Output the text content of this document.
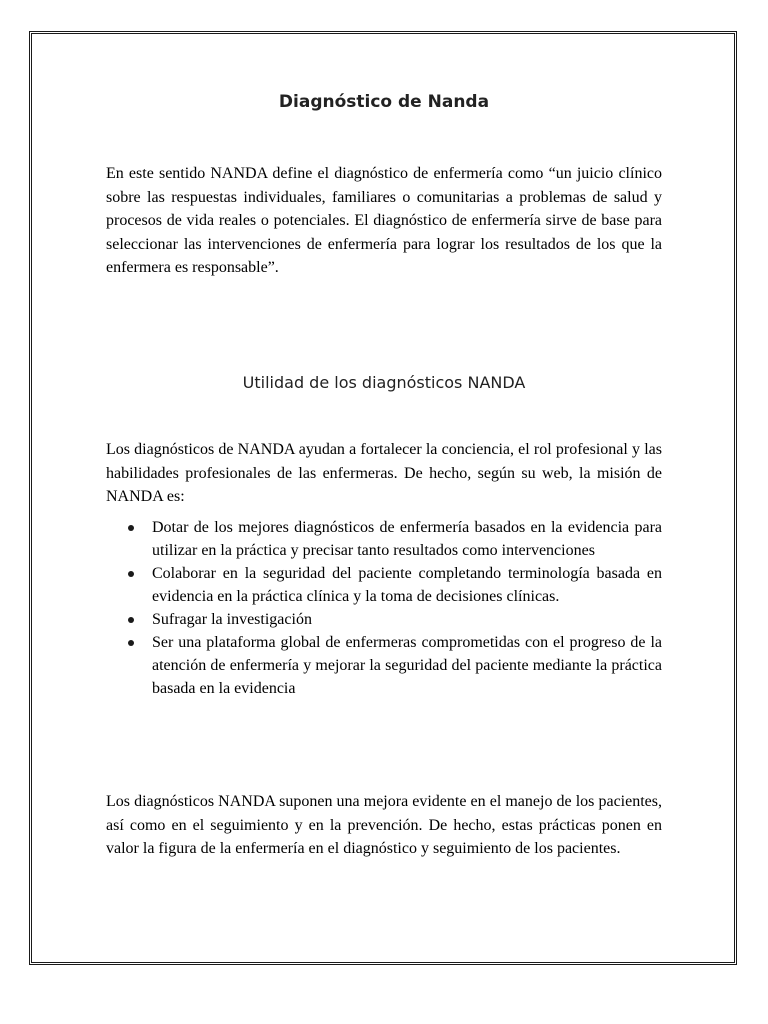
Diagnóstico de Nanda

En este sentido NANDA define el diagnóstico de enfermería como “un juicio clínico sobre las respuestas individuales, familiares o comunitarias a problemas de salud y procesos de vida reales o potenciales. El diagnóstico de enfermería sirve de base para seleccionar las intervenciones de enfermería para lograr los resultados de los que la enfermera es responsable”.

Utilidad de los diagnósticos NANDA

Los diagnósticos de NANDA ayudan a fortalecer la conciencia, el rol profesional y las habilidades profesionales de las enfermeras. De hecho, según su web, la misión de NANDA es:

Dotar de los mejores diagnósticos de enfermería basados en la evidencia para utilizar en la práctica y precisar tanto resultados como intervenciones
Colaborar en la seguridad del paciente completando terminología basada en evidencia en la práctica clínica y la toma de decisiones clínicas.
Sufragar la investigación
Ser una plataforma global de enfermeras comprometidas con el progreso de la atención de enfermería y mejorar la seguridad del paciente mediante la práctica basada en la evidencia

Los diagnósticos NANDA suponen una mejora evidente en el manejo de los pacientes, así como en el seguimiento y en la prevención. De hecho, estas prácticas ponen en valor la figura de la enfermería en el diagnóstico y seguimiento de los pacientes.
